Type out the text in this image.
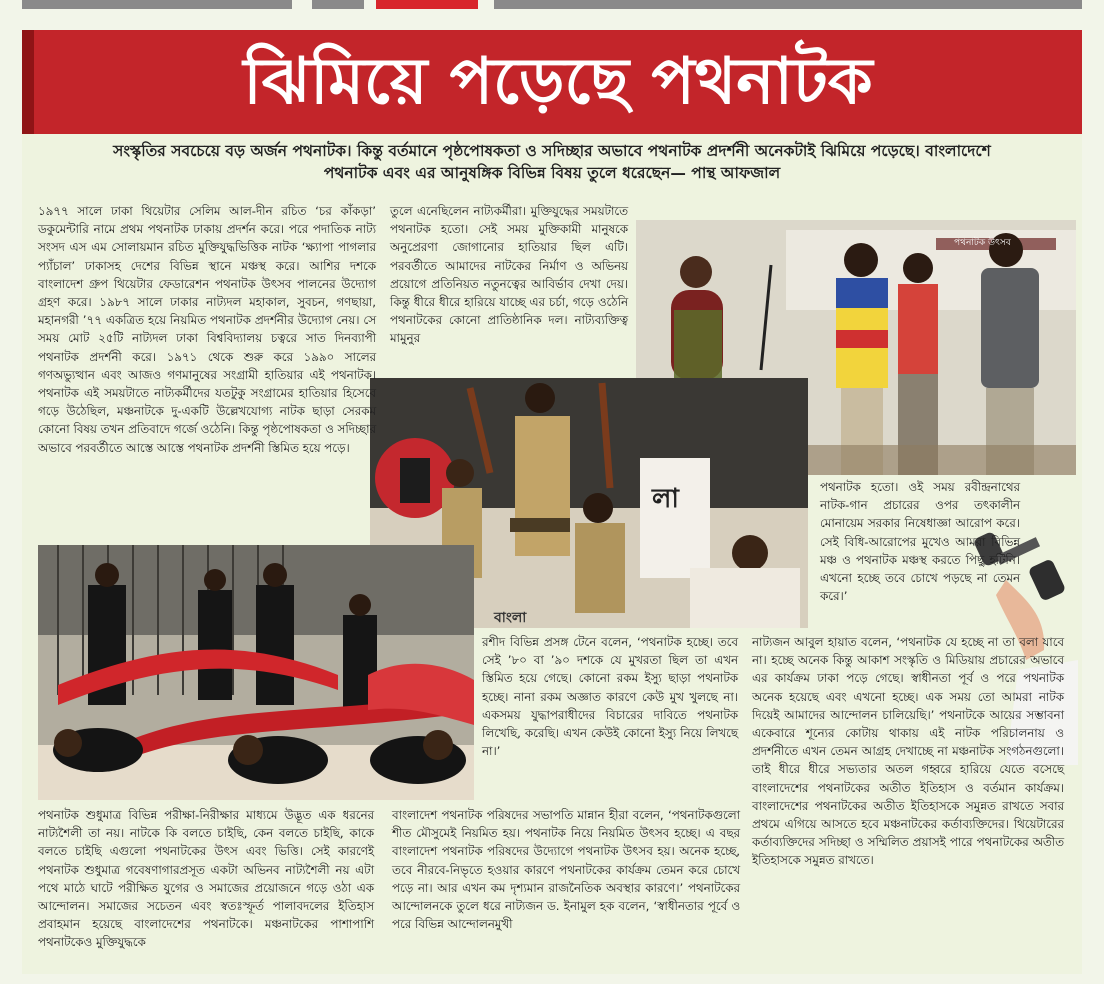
ঝিমিয়ে পড়েছে পথনাটক
সংস্কৃতির সবচেয়ে বড় অর্জন পথনাটক। কিন্তু বর্তমানে পৃষ্ঠপোষকতা ও সদিচ্ছার অভাবে পথনাটক প্রদর্শনী অনেকটাই ঝিমিয়ে পড়েছে। বাংলাদেশে
পথনাটক এবং এর আনুষঙ্গিক বিভিন্ন বিষয় তুলে ধরেছেন— পান্থ আফজাল
পথনাটক উৎসব
লা
বাংলা
১৯৭৭ সালে ঢাকা থিয়েটার সেলিম আল-দীন রচিত ‘চর কাঁকড়া’ ডকুমেন্টারি নামে প্রথম পথনাটক ঢাকায় প্রদর্শন করে। পরে পদাতিক নাট্য সংসদ এস এম সোলায়মান রচিত মুক্তিযুদ্ধভিত্তিক নাটক ‘ক্ষ্যাপা পাগলার প্যাঁচাল’ ঢাকাসহ দেশের বিভিন্ন স্থানে মঞ্চস্থ করে। আশির দশকে বাংলাদেশ গ্রুপ থিয়েটার ফেডারেশন পথনাটক উৎসব পালনের উদ্যোগ গ্রহণ করে। ১৯৮৭ সালে ঢাকার নাট্যদল মহাকাল, সুবচন, গণছায়া, মহানগরী ’৭৭ একত্রিত হয়ে নিয়মিত পথনাটক প্রদর্শনীর উদ্যোগ নেয়। সে সময় মোট ২৫টি নাট্যদল ঢাকা বিশ্ববিদ্যালয় চত্বরে সাত দিনব্যাপী পথনাটক প্রদর্শনী করে। ১৯৭১ থেকে শুরু করে ১৯৯০ সালের গণঅভ্যুত্থান এবং আজও গণমানুষের সংগ্রামী হাতিয়ার এই পথনাটক। পথনাটক এই সময়টাতে নাট্যকর্মীদের যতটুকু সংগ্রামের হাতিয়ার হিসেবে গড়ে উঠেছিল, মঞ্চনাটকে দু-একটি উল্লেখযোগ্য নাটক ছাড়া সেরকম কোনো বিষয় তখন প্রতিবাদে গর্জে ওঠেনি। কিন্তু পৃষ্ঠপোষকতা ও সদিচ্ছার অভাবে পরবর্তীতে আস্তে আস্তে পথনাটক প্রদর্শনী স্তিমিত হয়ে পড়ে।
তুলে এনেছিলেন নাট্যকর্মীরা। মুক্তিযুদ্ধের সময়টাতে পথনাটক হতো। সেই সময় মুক্তিকামী মানুষকে অনুপ্রেরণা জোগানোর হাতিয়ার ছিল এটি। পরবর্তীতে আমাদের নাটকের নির্মাণ ও অভিনয় প্রয়োগে প্রতিনিয়ত নতুনত্বের আবির্ভাব দেখা দেয়। কিন্তু ধীরে ধীরে হারিয়ে যাচ্ছে এর চর্চা, গড়ে ওঠেনি পথনাটকের কোনো প্রাতিষ্ঠানিক দল। নাট্যব্যক্তিত্ব মামুনুর
পথনাটক হতো। ওই সময় রবীন্দ্রনাথের নাটক-গান প্রচারের ওপর তৎকালীন মোনায়েম সরকার নিষেধাজ্ঞা আরোপ করে। সেই বিধি-আরোপের মুখেও আমরা বিভিন্ন মঞ্চ ও পথনাটক মঞ্চস্থ করতে পিছু হটিনি। এখনো হচ্ছে তবে চোখে পড়ছে না তেমন করে।’
রশীদ বিভিন্ন প্রসঙ্গ টেনে বলেন, ‘পথনাটক হচ্ছে। তবে সেই ’৮০ বা ’৯০ দশকে যে মুখরতা ছিল তা এখন স্তিমিত হয়ে গেছে। কোনো রকম ইস্যু ছাড়া পথনাটক হচ্ছে। নানা রকম অজ্ঞাত কারণে কেউ মুখ খুলছে না। একসময় যুদ্ধাপরাধীদের বিচারের দাবিতে পথনাটক লিখেছি, করেছি। এখন কেউই কোনো ইস্যু নিয়ে লিখছে না।’
নাট্যজন আবুল হায়াত বলেন, ‘পথনাটক যে হচ্ছে না তা বলা যাবে না। হচ্ছে অনেক কিন্তু আকাশ সংস্কৃতি ও মিডিয়ায় প্রচারের অভাবে এর কার্যক্রম ঢাকা পড়ে গেছে। স্বাধীনতা পূর্ব ও পরে পথনাটক অনেক হয়েছে এবং এখনো হচ্ছে। এক সময় তো আমরা নাটক দিয়েই আমাদের আন্দোলন চালিয়েছি।’ পথনাটকে আয়ের সম্ভাবনা একেবারে শূন্যের কোটায় থাকায় এই নাটক পরিচালনায় ও প্রদর্শনীতে এখন তেমন আগ্রহ দেখাচ্ছে না মঞ্চনাটক সংগঠনগুলো। তাই ধীরে ধীরে সভ্যতার অতল গহ্বরে হারিয়ে যেতে বসেছে বাংলাদেশের পথনাটকের অতীত ইতিহাস ও বর্তমান কার্যক্রম। বাংলাদেশের পথনাটকের অতীত ইতিহাসকে সমুন্নত রাখতে সবার প্রথমে এগিয়ে আসতে হবে মঞ্চনাটকের কর্তাব্যক্তিদের। থিয়েটারের কর্তাব্যক্তিদের সদিচ্ছা ও সম্মিলিত প্রয়াসই পারে পথনাটকের অতীত ইতিহাসকে সমুন্নত রাখতে।
পথনাটক শুধুমাত্র বিভিন্ন পরীক্ষা-নিরীক্ষার মাধ্যমে উদ্ভূত এক ধরনের নাট্যশৈলী তা নয়। নাটকে কি বলতে চাইছি, কেন বলতে চাইছি, কাকে বলতে চাইছি এগুলো পথনাটকের উৎস এবং ভিত্তি। সেই কারণেই পথনাটক শুধুমাত্র গবেষণাগারপ্রসূত একটা অভিনব নাট্যশৈলী নয় এটা পথে মাঠে ঘাটে পরীক্ষিত যুগের ও সমাজের প্রয়োজনে গড়ে ওঠা এক আন্দোলন। সমাজের সচেতন এবং স্বতঃস্ফূর্ত পালাবদলের ইতিহাস প্রবাহমান হয়েছে বাংলাদেশের পথনাটকে। মঞ্চনাটকের পাশাপাশি পথনাটকেও মুক্তিযুদ্ধকে
বাংলাদেশ পথনাটক পরিষদের সভাপতি মান্নান হীরা বলেন, ‘পথনাটকগুলো শীত মৌসুমেই নিয়মিত হয়। পথনাটক নিয়ে নিয়মিত উৎসব হচ্ছে। এ বছর বাংলাদেশ পথনাটক পরিষদের উদ্যোগে পথনাটক উৎসব হয়। অনেক হচ্ছে, তবে নীরবে-নিভৃতে হওয়ার কারণে পথনাটকের কার্যক্রম তেমন করে চোখে পড়ে না। আর এখন কম দৃশ্যমান রাজনৈতিক অবস্থার কারণে।’ পথনাটকের আন্দোলনকে তুলে ধরে নাট্যজন ড. ইনামুল হক বলেন, ‘স্বাধীনতার পূর্বে ও পরে বিভিন্ন আন্দোলনমুখী
